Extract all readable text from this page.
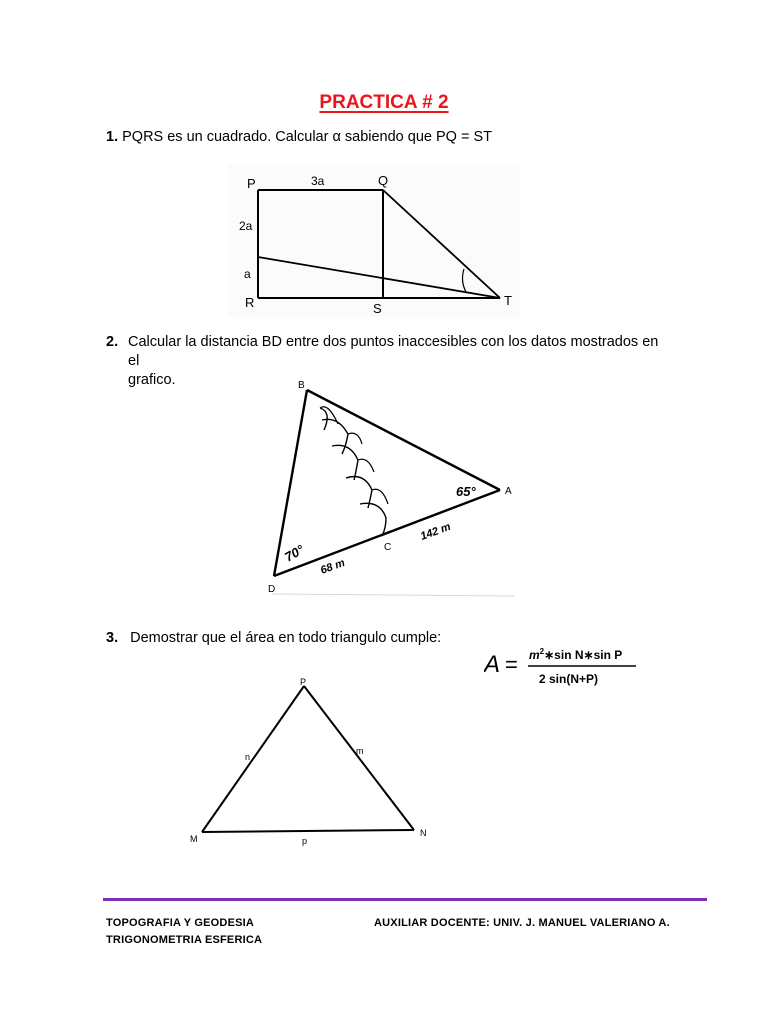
PRACTICA # 2
1. PQRS es un cuadrado. Calcular α sabiendo que PQ = ST
P	Q
R	S
T
3a
2a
a
2. Calcular la distancia BD entre dos puntos inaccesibles con los datos mostrados en
el grafico.	B
A
C
D
65°
70°
142 m
68 m
3. Demostrar que el área en todo triangulo cumple:
$A = m^2∗\sin$ N∗sin P
2 sin(N+P)
P
M
N
m
n
p
TOPOGRAFIA Y GEODESIA
TRIGONOMETRIA ESFERICA
AUXILIAR DOCENTE: UNIV. J. MANUEL VALERIANO A.
